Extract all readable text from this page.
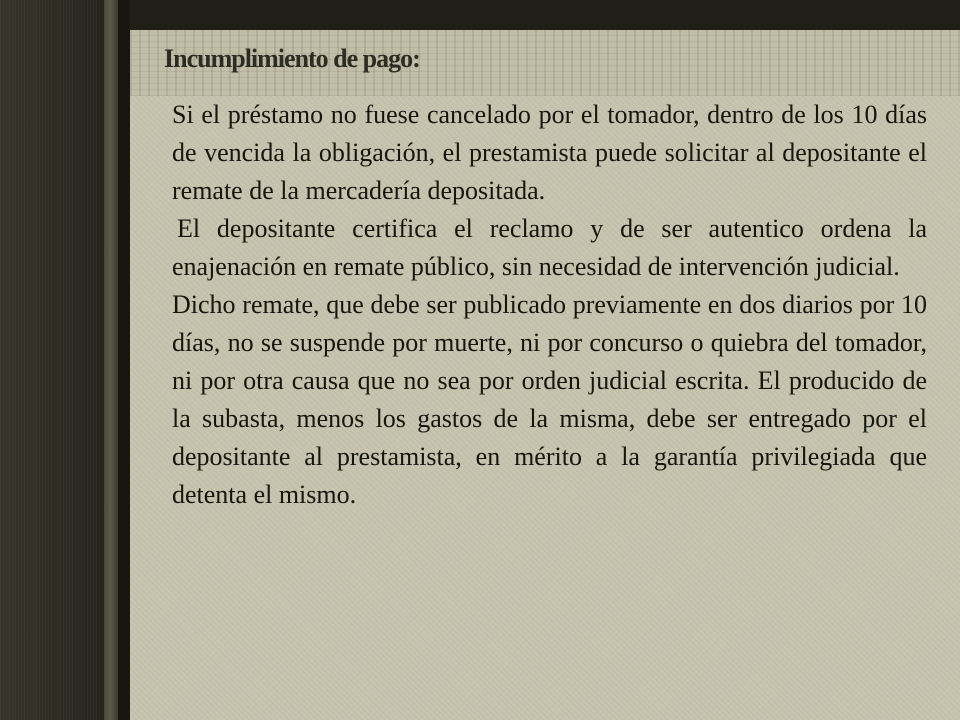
Incumplimiento de pago:

Si el préstamo no fuese cancelado por el tomador, dentro de los 10 días de vencida la obligación, el prestamista puede solicitar al depositante el remate de la mercadería depositada.

El depositante certifica el reclamo y de ser autentico ordena la enajenación en remate público, sin necesidad de intervención judicial.

Dicho remate, que debe ser publicado previamente en dos diarios por 10 días, no se suspende por muerte, ni por concurso o quiebra del tomador, ni por otra causa que no sea por orden judicial escrita. El producido de la subasta, menos los gastos de la misma, debe ser entregado por el depositante al prestamista, en mérito a la garantía privilegiada que detenta el mismo.
